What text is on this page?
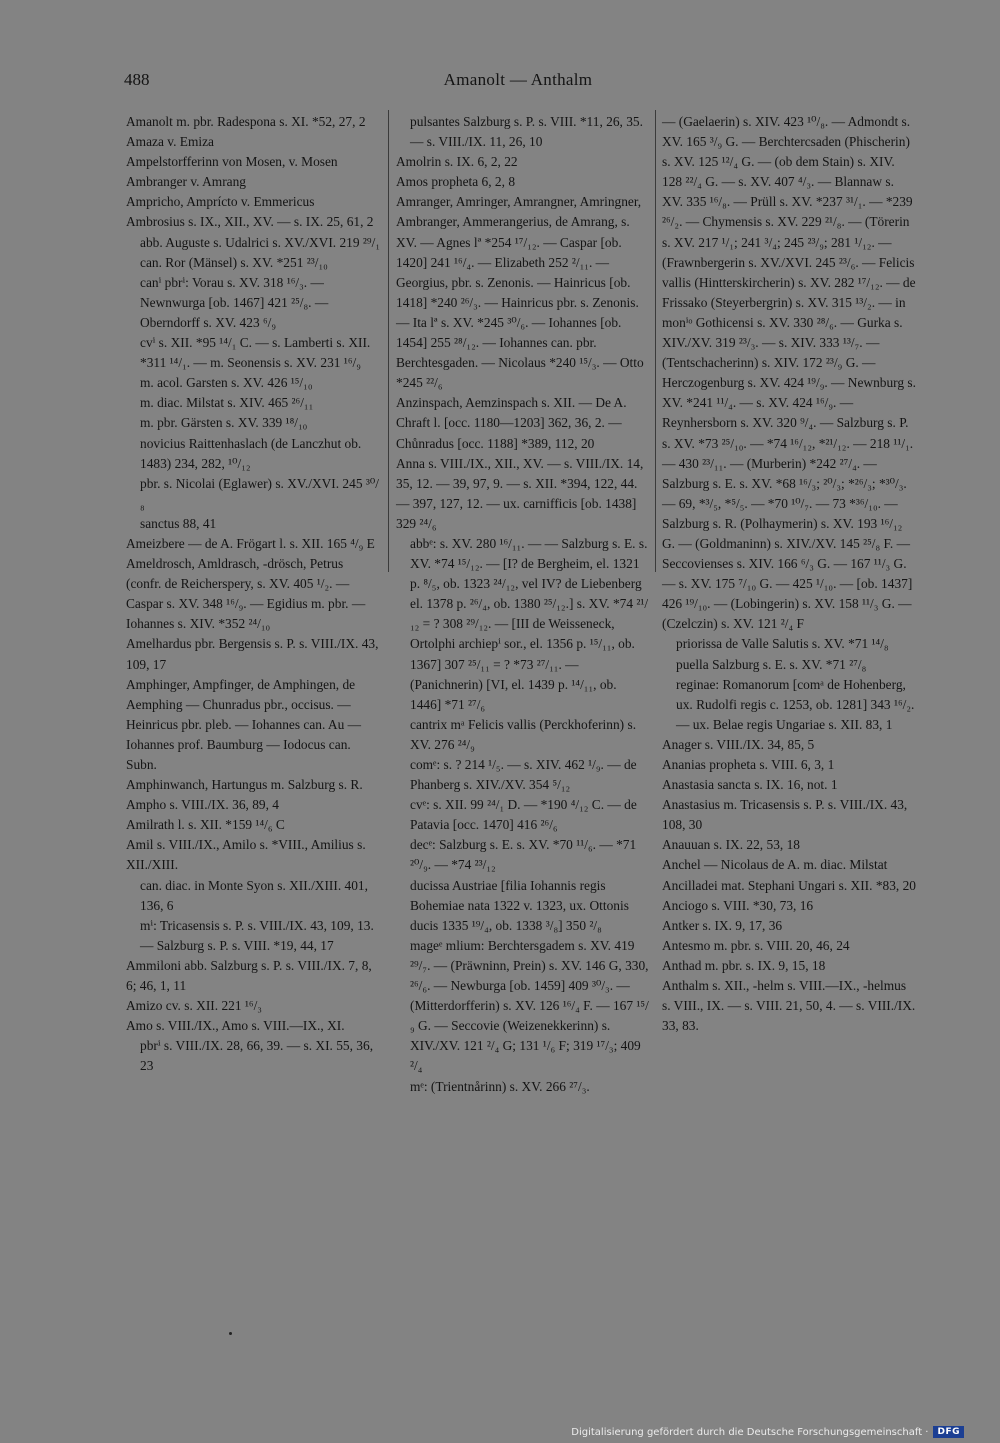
488	Amanolt — Anthalm
Amanolt m. pbr. Radespona s. XI. *52, 27, 2
Amaza v. Emiza
Ampelstorfferinn von Mosen, v. Mosen
Ambranger v. Amrang
Ampricho, Amprícto v. Emmericus
Ambrosius s. IX., XII., XV. — s. IX. 25, 61, 2
abb. Auguste s. Udalrici s. XV./XVI. 219 ²⁹/₁
can. Ror (Mänsel) s. XV. *251 ²³/₁₀
canⁱ pbrⁱ: Vorau s. XV. 318 ¹⁶/₃. — Newnwurga [ob. 1467] 421 ²⁵/₈. — Oberndorff s. XV. 423 ⁶/₉
cvⁱ s. XII. *95 ¹⁴/₁ C. — s. Lamberti s. XII. *311 ¹⁴/₁. — m. Seonensis s. XV. 231 ¹⁶/₉
m. acol. Garsten s. XV. 426 ¹⁵/₁₀
m. diac. Milstat s. XIV. 465 ²⁶/₁₁
m. pbr. Gärsten s. XV. 339 ¹⁸/₁₀
novicius Raittenhaslach (de Lanczhut ob. 1483) 234, 282, ¹⁰/₁₂
pbr. s. Nicolai (Eglawer) s. XV./XVI. 245 ³⁰/₈
sanctus 88, 41
Ameizbere — de A. Frögart l. s. XII. 165 ⁴/₉ E
Ameldrosch, Amldrasch, -drösch, Petrus (confr. de Reicherspery, s. XV. 405 ¹/₂. — Caspar s. XV. 348 ¹⁶/₉. — Egidius m. pbr. — Iohannes s. XIV. *352 ²⁴/₁₀
Amelhardus pbr. Bergensis s. P. s. VIII./IX. 43, 109, 17
Amphinger, Ampfinger, de Amphingen, de Aemphing — Chunradus pbr., occisus. — Heinricus pbr. pleb. — Iohannes can. Au — Iohannes prof. Baumburg — Iodocus can. Subn.
Amphinwanch, Hartungus m. Salzburg s. R.
Ampho s. VIII./IX. 36, 89, 4
Amilrath l. s. XII. *159 ¹⁴/₆ C
Amil s. VIII./IX., Amilo s. *VIII., Amilius s. XII./XIII.
can. diac. in Monte Syon s. XII./XIII. 401, 136, 6
mⁱ: Tricasensis s. P. s. VIII./IX. 43, 109, 13. — Salzburg s. P. s. VIII. *19, 44, 17
Ammiloni abb. Salzburg s. P. s. VIII./IX. 7, 8, 6; 46, 1, 11
Amizo cv. s. XII. 221 ¹⁶/₃
Amo s. VIII./IX., Amo s. VIII.—IX., XI.
pbrⁱ s. VIII./IX. 28, 66, 39. — s. XI. 55, 36, 23
pulsantes Salzburg s. P. s. VIII. *11, 26, 35. — s. VIII./IX. 11, 26, 10
Amolrin s. IX. 6, 2, 22
Amos propheta 6, 2, 8
Amranger, Amringer, Amrangner, Amringner, Ambranger, Ammerangerius, de Amrang, s. XV. — Agnes lª *254 ¹⁷/₁₂. — Caspar [ob. 1420] 241 ¹⁶/₄. — Elizabeth 252 ²/₁₁. — Georgius, pbr. s. Zenonis. — Hainricus [ob. 1418] *240 ²⁶/₃. — Hainricus pbr. s. Zenonis. — Ita lª s. XV. *245 ³⁰/₆. — Iohannes [ob. 1454] 255 ²⁸/₁₂. — Iohannes can. pbr. Berchtesgaden. — Nicolaus *240 ¹⁵/₃. — Otto *245 ²²/₆
Anzinspach, Aemzinspach s. XII. — De A. Chraft l. [occ. 1180—1203] 362, 36, 2. — Chůnradus [occ. 1188] *389, 112, 20
Anna s. VIII./IX., XII., XV. — s. VIII./IX. 14, 35, 12. — 39, 97, 9. — s. XII. *394, 122, 44. — 397, 127, 12. — ux. carnifficis [ob. 1438] 329 ²⁴/₆
abbᵉ: s. XV. 280 ¹⁶/₁₁. — — Salzburg s. E. s. XV. *74 ¹⁵/₁₂. — [I? de Bergheim, el. 1321 p. ⁸/₅, ob. 1323 ²⁴/₁₂, vel IV? de Liebenberg el. 1378 p. ²⁶/₄, ob. 1380 ²⁵/₁₂.] s. XV. *74 ²¹/₁₂ = ? 308 ²⁹/₁₂. — [III de Weisseneck, Ortolphi archiepⁱ sor., el. 1356 p. ¹⁵/₁₁, ob. 1367] 307 ²⁵/₁₁ = ? *73 ²⁷/₁₁. — (Panichnerin) [VI, el. 1439 p. ¹⁴/₁₁, ob. 1446] *71 ²⁷/₆
cantrix mᵃ Felicis vallis (Perckhoferinn) s. XV. 276 ²⁴/₉
comᵉ: s. ? 214 ¹/₅. — s. XIV. 462 ¹/₉. — de Phanberg s. XIV./XV. 354 ⁵/₁₂
cvᵉ: s. XII. 99 ²⁴/₁ D. — *190 ⁴/₁₂ C. — de Patavia [occ. 1470] 416 ²⁶/₆
decᵉ: Salzburg s. E. s. XV. *70 ¹¹/₆. — *71 ²⁰/₉. — *74 ²³/₁₂
ducissa Austriae [filia Iohannis regis Bohemiae nata 1322 v. 1323, ux. Ottonis ducis 1335 ¹⁹/₄, ob. 1338 ³/₈] 350 ²/₈
mageᵉ mlium: Berchtersgadem s. XV. 419 ²⁹/₇. — (Präwninn, Prein) s. XV. 146 G, 330, ²⁶/₆. — Newburga [ob. 1459] 409 ³⁰/₃. — (Mitterdorfferin) s. XV. 126 ¹⁶/₄ F. — 167 ¹⁵/₉ G. — Seccovie (Weizenekkerinn) s. XIV./XV. 121 ²/₄ G; 131 ¹/₆ F; 319 ¹⁷/₃; 409 ²/₄
mᵉ: (Trientnårinn) s. XV. 266 ²⁷/₃.
— (Gaelaerin) s. XIV. 423 ¹⁰/₈. — Admondt s. XV. 165 ³/₉ G. — Berchtercsaden (Phischerin) s. XV. 125 ¹²/₄ G. — (ob dem Stain) s. XIV. 128 ²²/₄ G. — s. XV. 407 ⁴/₃. — Blannaw s. XV. 335 ¹⁶/₈. — Prüll s. XV. *237 ³¹/₁. — *239 ²⁶/₂. — Chymensis s. XV. 229 ²¹/₈. — (Törerin s. XV. 217 ¹/₁; 241 ³/₄; 245 ²³/₉; 281 ¹/₁₂. — (Frawnbergerin s. XV./XVI. 245 ²³/₆. — Felicis vallis (Hintterskircherin) s. XV. 282 ¹⁷/₁₂. — de Frissako (Steyerbergrin) s. XV. 315 ¹³/₂. — in monⁱᵒ Gothicensi s. XV. 330 ²⁸/₆. — Gurka s. XIV./XV. 319 ²³/₃. — s. XIV. 333 ¹³/₇. — (Tentschacherinn) s. XIV. 172 ²³/₉ G. — Herczogenburg s. XV. 424 ¹⁹/₉. — Newnburg s. XV. *241 ¹¹/₄. — s. XV. 424 ¹⁶/₉. — Reynhersborn s. XV. 320 ⁹/₄. — Salzburg s. P. s. XV. *73 ²⁵/₁₀. — *74 ¹⁶/₁₂, *²¹/₁₂. — 218 ¹¹/₁. — 430 ²³/₁₁. — (Murberin) *242 ²⁷/₄. — Salzburg s. E. s. XV. *68 ¹⁶/₃; ²⁰/₃; *²⁶/₃; *³⁰/₃. — 69, *³/₅, *⁵/₅. — *70 ¹⁰/₇. — 73 *³⁶/₁₀. — Salzburg s. R. (Polhaymerin) s. XV. 193 ¹⁶/₁₂ G. — (Goldmaninn) s. XIV./XV. 145 ²⁵/₈ F. — Seccovienses s. XIV. 166 ⁶/₃ G. — 167 ¹¹/₃ G. — s. XV. 175 ⁷/₁₀ G. — 425 ¹/₁₀. — [ob. 1437] 426 ¹⁹/₁₀. — (Lobingerin) s. XV. 158 ¹¹/₃ G. — (Czelczin) s. XV. 121 ²/₄ F
priorissa de Valle Salutis s. XV. *71 ¹⁴/₈
puella Salzburg s. E. s. XV. *71 ²⁷/₈
reginae: Romanorum [comᵃ de Hohenberg, ux. Rudolfi regis c. 1253, ob. 1281] 343 ¹⁶/₂. — ux. Belae regis Ungariae s. XII. 83, 1
Anager s. VIII./IX. 34, 85, 5
Ananias propheta s. VIII. 6, 3, 1
Anastasia sancta s. IX. 16, not. 1
Anastasius m. Tricasensis s. P. s. VIII./IX. 43, 108, 30
Anauuan s. IX. 22, 53, 18
Anchel — Nicolaus de A. m. diac. Milstat
Ancilladei mat. Stephani Ungari s. XII. *83, 20
Anciogo s. VIII. *30, 73, 16
Antker s. IX. 9, 17, 36
Antesmo m. pbr. s. VIII. 20, 46, 24
Anthad m. pbr. s. IX. 9, 15, 18
Anthalm s. XII., -helm s. VIII.—IX., -helmus s. VIII., IX. — s. VIII. 21, 50, 4. — s. VIII./IX. 33, 83.
Digitalisierung gefördert durch die Deutsche Forschungsgemeinschaft ·	DFG
